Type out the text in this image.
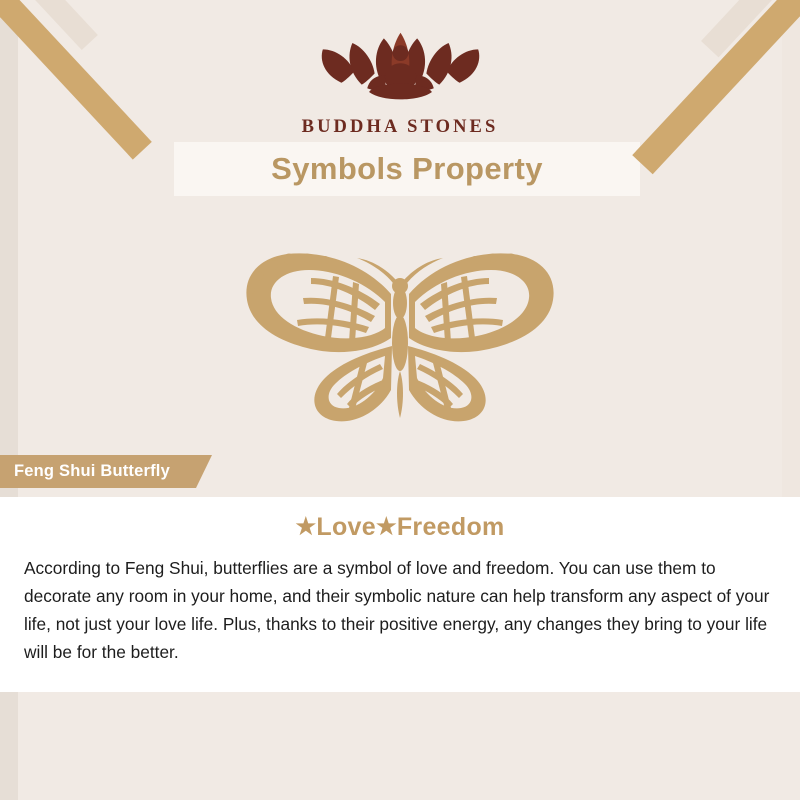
BUDDHA STONES
Symbols Property
Feng Shui Butterfly
★Love★Freedom
According to Feng Shui, butterflies are a symbol of love and freedom. You can use them to decorate any room in your home, and their symbolic nature can help transform any aspect of your life, not just your love life. Plus, thanks to their positive energy, any changes they bring to your life will be for the better.
